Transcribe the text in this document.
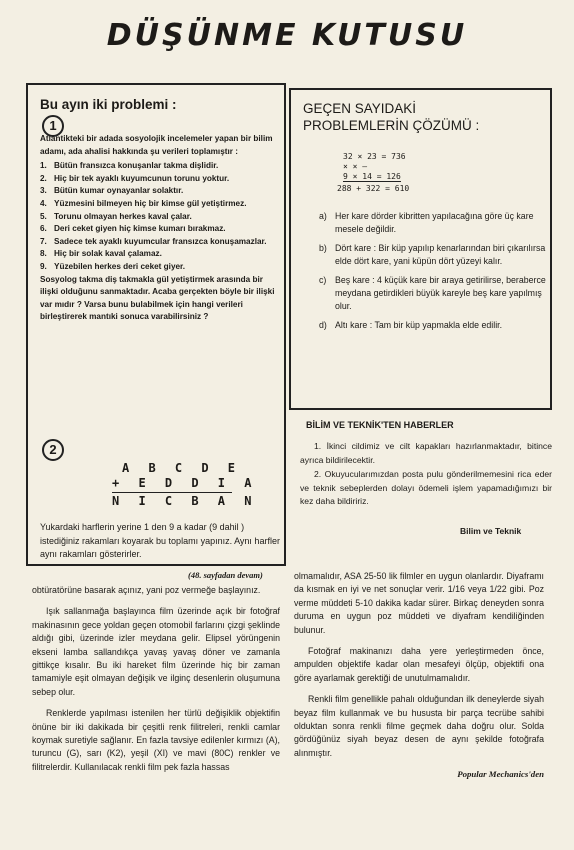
DÜŞÜNME KUTUSU
Bu ayın iki problemi :
1
Atlantikteki bir adada sosyolojik incelemeler yapan bir bilim adamı, ada ahalisi hakkında şu verileri toplamıştır :
1. Bütün fransızca konuşanlar takma dişlidir.
2. Hiç bir tek ayaklı kuyumcunun torunu yoktur.
3. Bütün kumar oynayanlar solaktır.
4. Yüzmesini bilmeyen hiç bir kimse gül yetiştirmez.
5. Torunu olmayan herkes kaval çalar.
6. Deri ceket giyen hiç kimse kumarı bırakmaz.
7. Sadece tek ayaklı kuyumcular fransızca konuşamazlar.
8. Hiç bir solak kaval çalamaz.
9. Yüzebilen herkes deri ceket giyer.
Sosyolog takma diş takmakla gül yetiştirmek arasında bir ilişki olduğunu sanmaktadır. Acaba gerçekten böyle bir ilişki var mıdır ? Varsa bunu bulabilmek için hangi verileri birleştirerek mantıki sonuca varabilirsiniz ?
2
A B C D E
+ E D D I A
N I C B A N
Yukardaki harflerin yerine 1 den 9 a kadar (9 dahil ) istediğiniz rakamları koyarak bu toplamı yapınız. Aynı harfler aynı rakamları gösterirler.
GEÇEN SAYIDAKİ
PROBLEMLERİN ÇÖZÜMÜ :
32 × 23 = 736
× × —
9 × 14 = 126
288 + 322 = 610
a) Her kare dörder kibritten yapılacağına göre üç kare mesele değildir.
b) Dört kare : Bir küp yapılıp kenarlarından biri çıkarılırsa elde dört kare, yani küpün dört yüzeyi kalır.
c) Beş kare : 4 küçük kare bir araya getirilirse, beraberce meydana getirdikleri büyük kareyle beş kare yapılmış olur.
d) Altı kare : Tam bir küp yapmakla elde edilir.
BİLİM VE TEKNİK'TEN HABERLER
1. İkinci cildimiz ve cilt kapakları hazırlanmaktadır, bitince ayrıca bildirilecektir.
2. Okuyucularımızdan posta pulu gönderilmemesini rica eder ve teknik sebeplerden dolayı ödemeli işlem yapamadığımızı bir kez daha bildiririz.
Bilim ve Teknik
(48. sayfadan devam)

obtüratörüne basarak açınız, yani poz vermeğe başlayınız.

Işık sallanmağa başlayınca film üzerinde açık bir fotoğraf makinasının gece yoldan geçen otomobil farlarını çizgi şeklinde aldığı gibi, üzerinde izler meydana gelir. Elipsel yörüngenin ekseni lamba sallandıkça yavaş yavaş döner ve zamanla gittikçe kısalır. Bu iki hareket film üzerinde hiç bir zaman tamamiyle eşit olmayan değişik ve ilginç desenlerin oluşumuna sebep olur.

Renklerde yapılması istenilen her türlü değişiklik objektifin önüne bir iki dakikada bir çeşitli renk filitreleri, renkli camlar koymak suretiyle sağlanır. En fazla tavsiye edilenler kırmızı (A), turuncu (G), sarı (K2), yeşil (XI) ve mavi (80C) renkler ve filitrelerdir. Kullanılacak renkli film pek fazla hassas

olmamalıdır, ASA 25-50 lik filmler en uygun olanlardır. Diyaframı da kısmak en iyi ve net sonuçlar verir. 1/16 veya 1/22 gibi. Poz verme müddeti 5-10 dakika kadar sürer. Birkaç deneyden sonra duruma en uygun poz müddeti ve diyafram kendiliğinden bulunur.

Fotoğraf makinanızı daha yere yerleştirmeden önce, ampulden objektife kadar olan mesafeyi ölçüp, objektifi ona göre ayarlamak gerektiği de unutulmamalıdır.

Renkli film genellikle pahalı olduğundan ilk deneylerde siyah beyaz film kullanmak ve bu hususta bir parça tecrübe sahibi olduktan sonra renkli filme geçmek daha doğru olur. Solda gördüğünüz siyah beyaz desen de aynı şekilde fotoğrafa alınmıştır.

Popular Mechanics'den
